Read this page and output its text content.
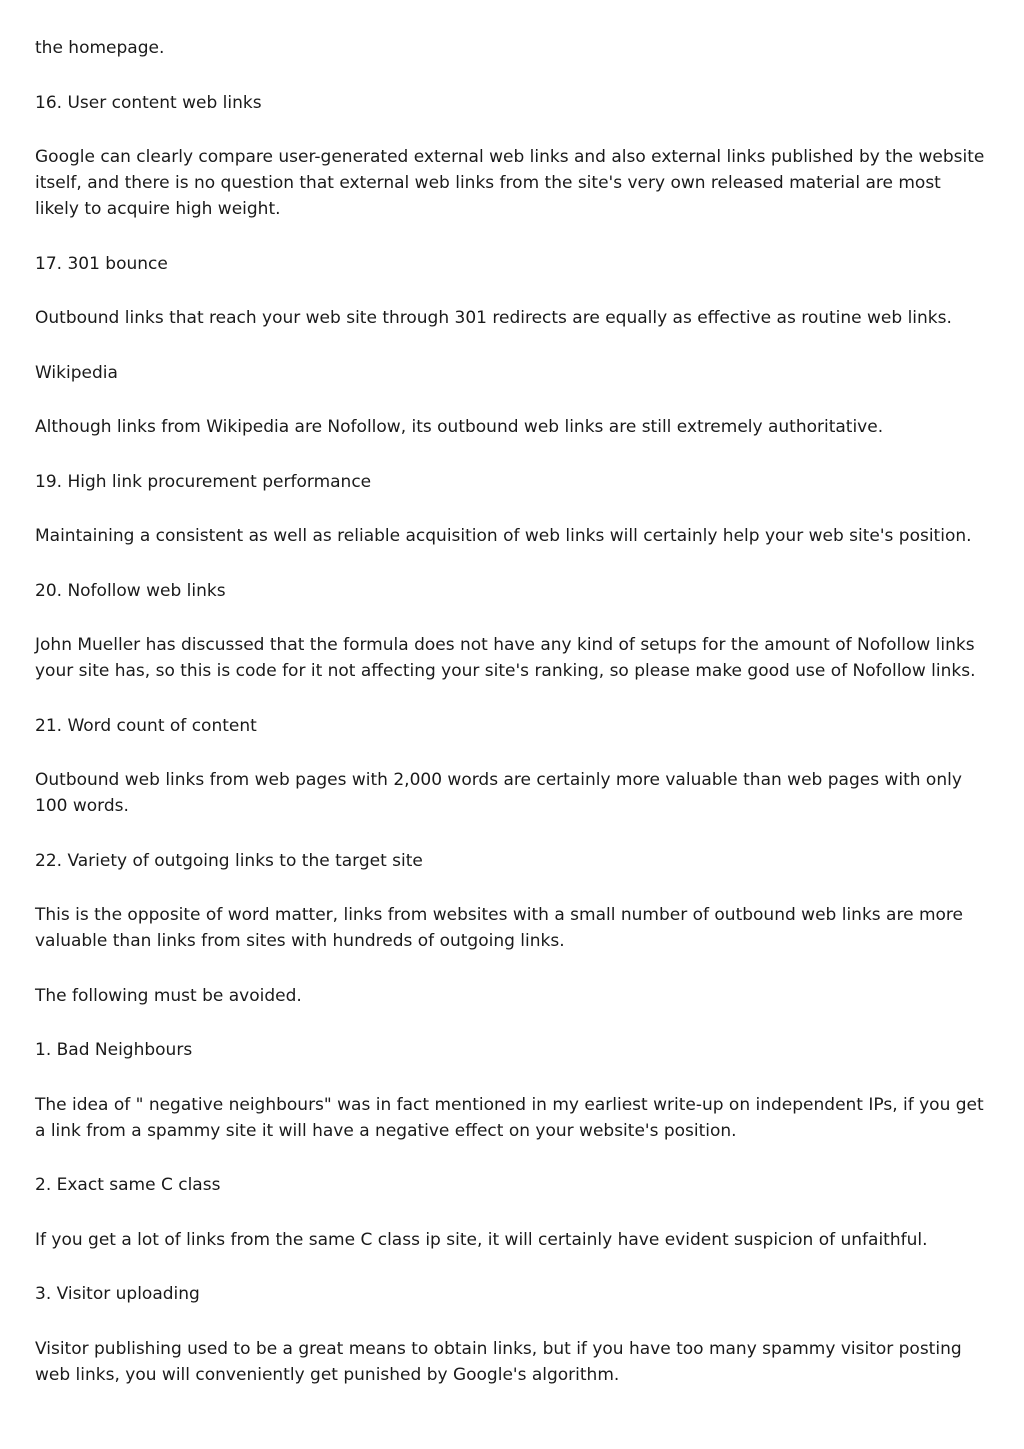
the homepage.

16. User content web links

Google can clearly compare user-generated external web links and also external links published by the website itself, and there is no question that external web links from the site's very own released material are most likely to acquire high weight.

17. 301 bounce

Outbound links that reach your web site through 301 redirects are equally as effective as routine web links.

Wikipedia

Although links from Wikipedia are Nofollow, its outbound web links are still extremely authoritative.

19. High link procurement performance

Maintaining a consistent as well as reliable acquisition of web links will certainly help your web site's position.

20. Nofollow web links

John Mueller has discussed that the formula does not have any kind of setups for the amount of Nofollow links your site has, so this is code for it not affecting your site's ranking, so please make good use of Nofollow links.

21. Word count of content

Outbound web links from web pages with 2,000 words are certainly more valuable than web pages with only 100 words.

22. Variety of outgoing links to the target site

This is the opposite of word matter, links from websites with a small number of outbound web links are more valuable than links from sites with hundreds of outgoing links.

The following must be avoided.

1. Bad Neighbours

The idea of " negative neighbours" was in fact mentioned in my earliest write-up on independent IPs, if you get a link from a spammy site it will have a negative effect on your website's position.

2. Exact same C class

If you get a lot of links from the same C class ip site, it will certainly have evident suspicion of unfaithful.

3. Visitor uploading

Visitor publishing used to be a great means to obtain links, but if you have too many spammy visitor posting web links, you will conveniently get punished by Google's algorithm.
